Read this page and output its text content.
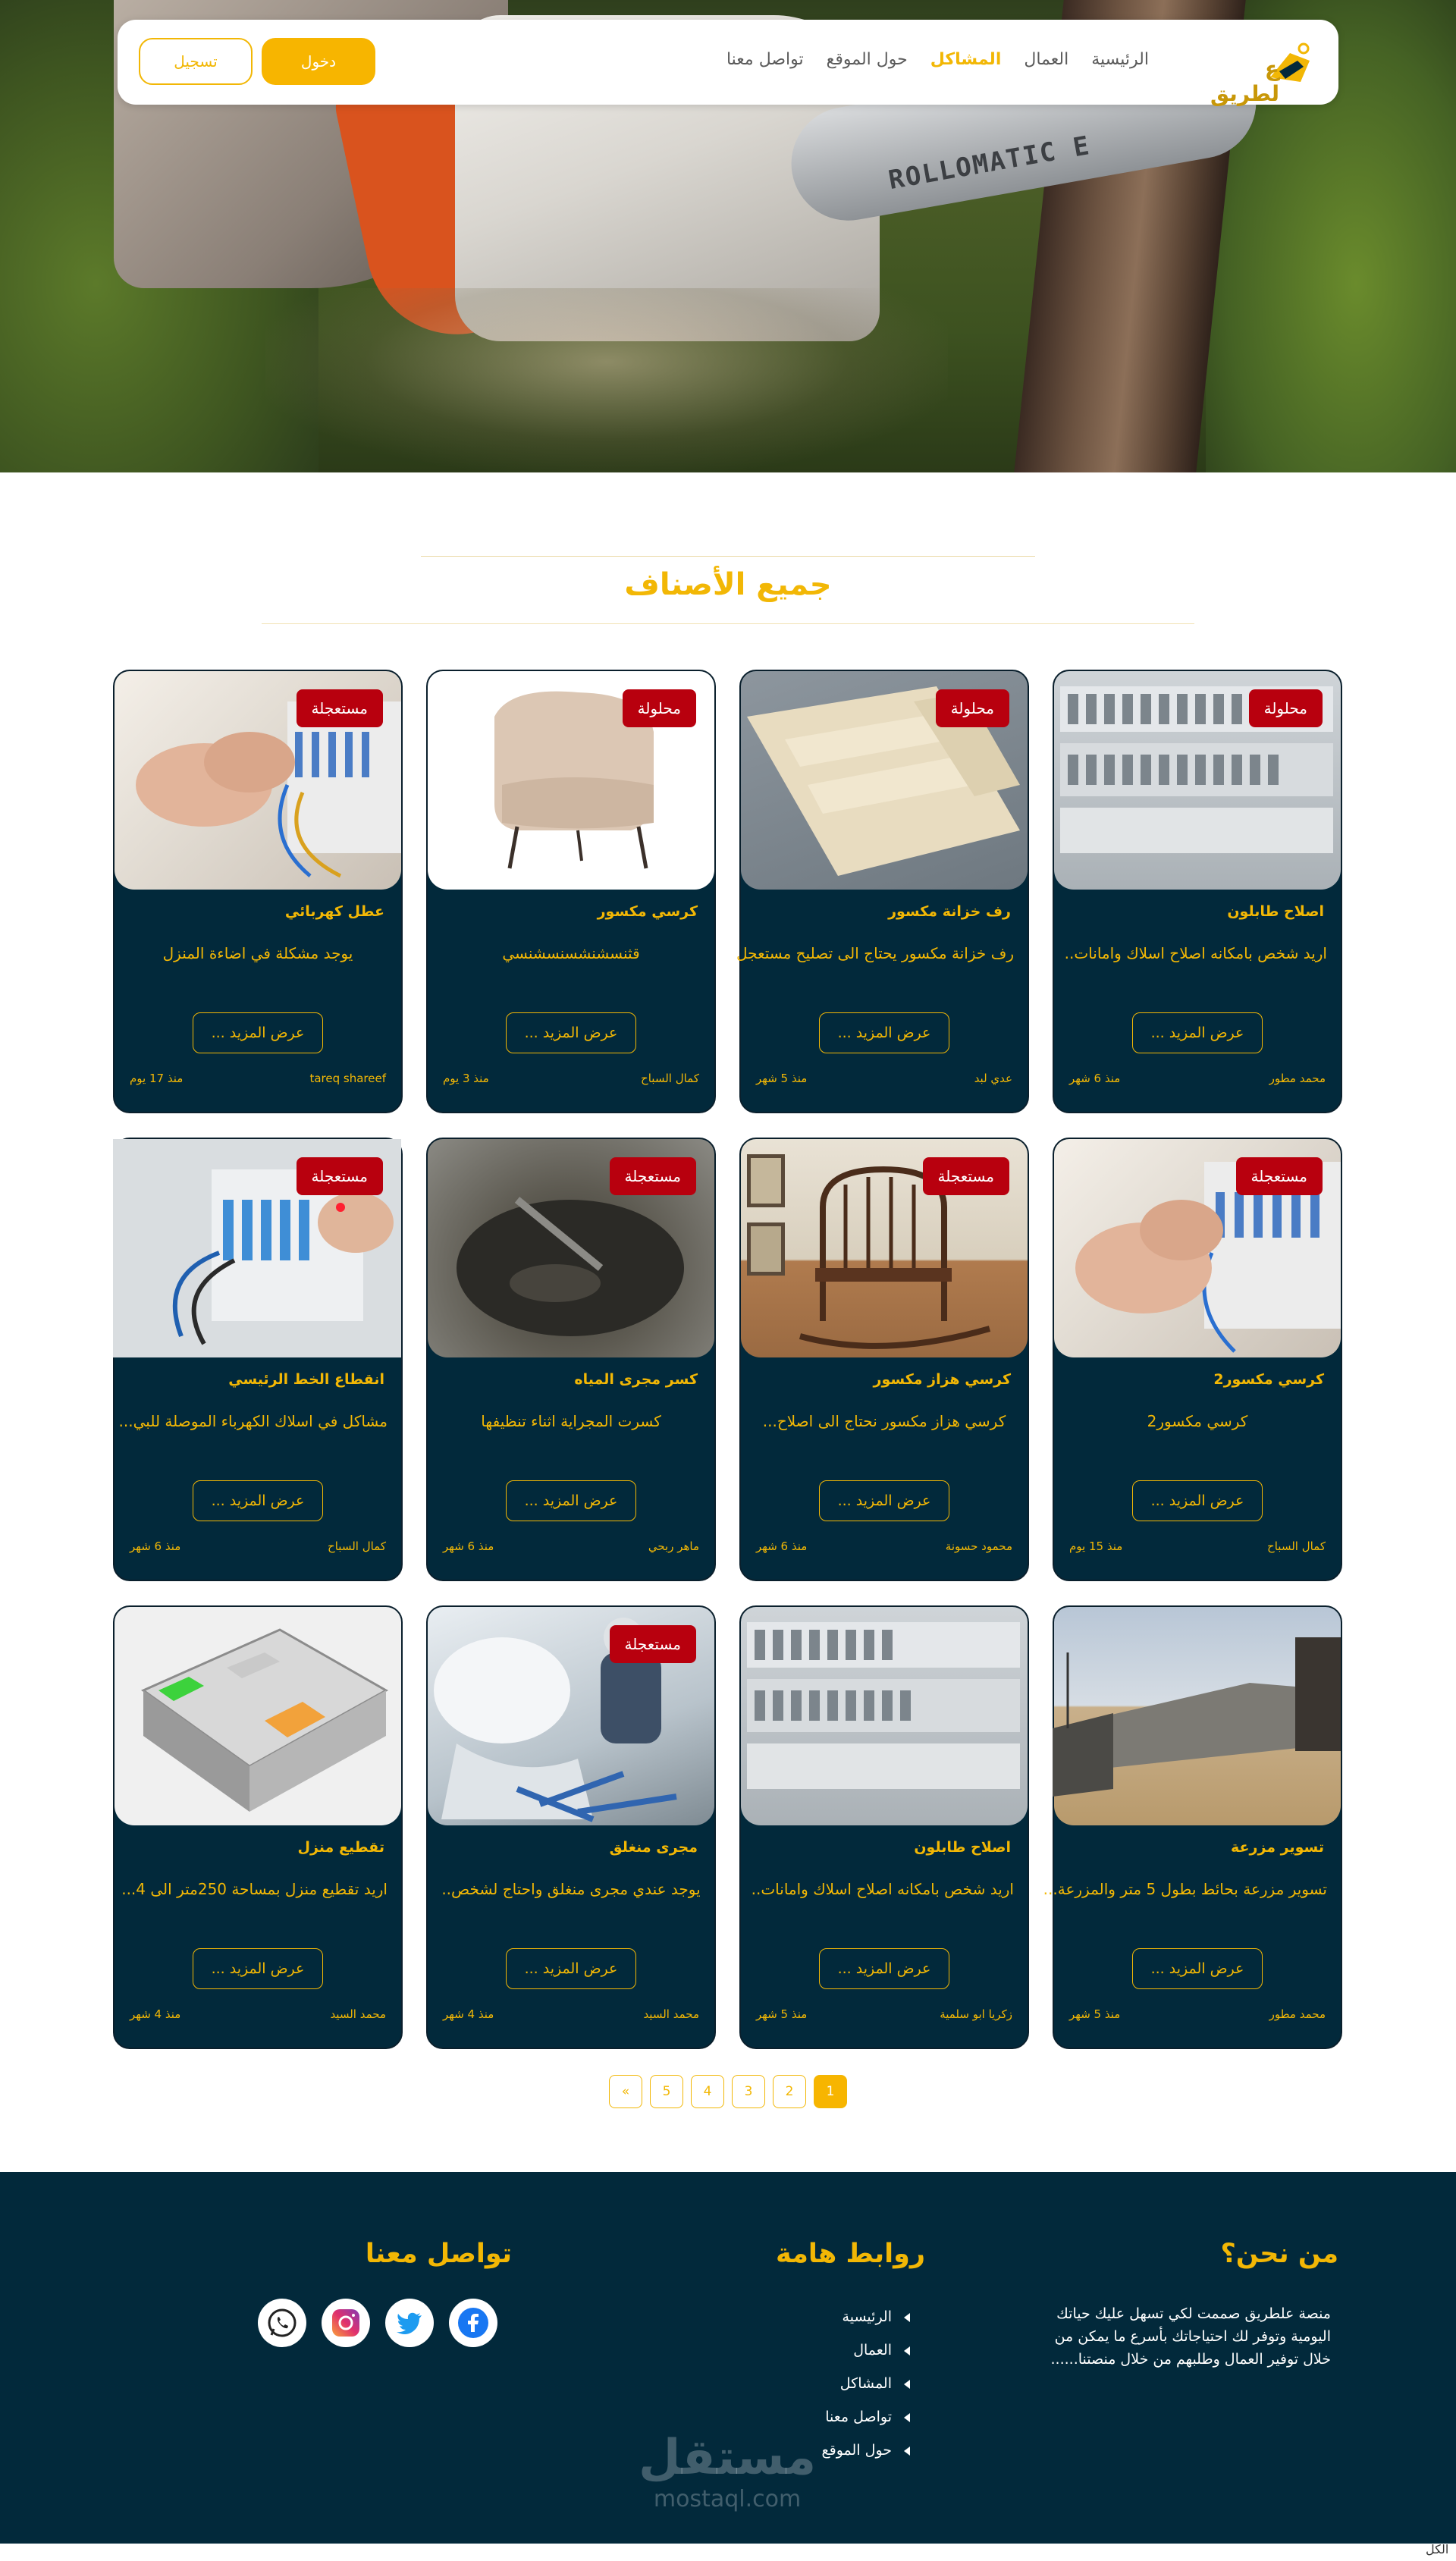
ROLLOMATIC E
ع لطريق
الرئيسية
العمال
المشاكل
حول الموقع
تواصل معنا
دخول
تسجيل
جميع الأصناف
محلولة
اصلاح طابلون
اريد شخص بامكانه اصلاح اسلاك وامانات..
عرض المزيد ...
محمد مطور
منذ 6 شهر
محلولة
رف خزانة مكسور
رف خزانة مكسور يحتاج الى تصليح مستعجل
عرض المزيد ...
عدي لبد
منذ 5 شهر
محلولة
كرسي مكسور
قثنسشنشسنسشنسي
عرض المزيد ...
كمال السباح
منذ 3 يوم
مستعجلة
عطل كهربائي
يوجد مشكلة في اضاءة المنزل
عرض المزيد ...
tareq shareef
منذ 17 يوم
مستعجلة
كرسي مكسور2
كرسي مكسور2
عرض المزيد ...
كمال السباح
منذ 15 يوم
مستعجلة
كرسي هزاز مكسور
كرسي هزاز مكسور نحتاج الى اصلاح...
عرض المزيد ...
محمود حسونة
منذ 6 شهر
مستعجلة
كسر مجرى المياه
كسرت المجراية اثناء تنظيفها
عرض المزيد ...
ماهر ربحي
منذ 6 شهر
مستعجلة
انقطاع الخط الرئيسي
مشاكل في اسلاك الكهرباء الموصلة للبي...
عرض المزيد ...
كمال السباح
منذ 6 شهر
تسوير مزرعة
تسوير مزرعة بحائط بطول 5 متر والمزرعة...
عرض المزيد ...
محمد مطور
منذ 5 شهر
اصلاح طابلون
اريد شخص بامكانه اصلاح اسلاك وامانات..
عرض المزيد ...
زكريا ابو سلمية
منذ 5 شهر
مستعجلة
مجرى منغلق
يوجد عندي مجرى منغلق واحتاج لشخص..
عرض المزيد ...
محمد السيد
منذ 4 شهر
تقطيع منزل
اريد تقطيع منزل بمساحة 250متر الى 4...
عرض المزيد ...
محمد السيد
منذ 4 شهر
1
2
3
4
5
»
من نحن؟

منصة علطريق صممت لكي تسهل عليك حياتك اليومية وتوفر لك احتياجاتك بأسرع ما يمكن من خلال توفير العمال وطلبهم من خلال منصتنا......

روابط هامة
الرئيسية
العمال
المشاكل
تواصل معنا
حول الموقع
تواصل معنا
مستقل
mostaql.com
الكل
